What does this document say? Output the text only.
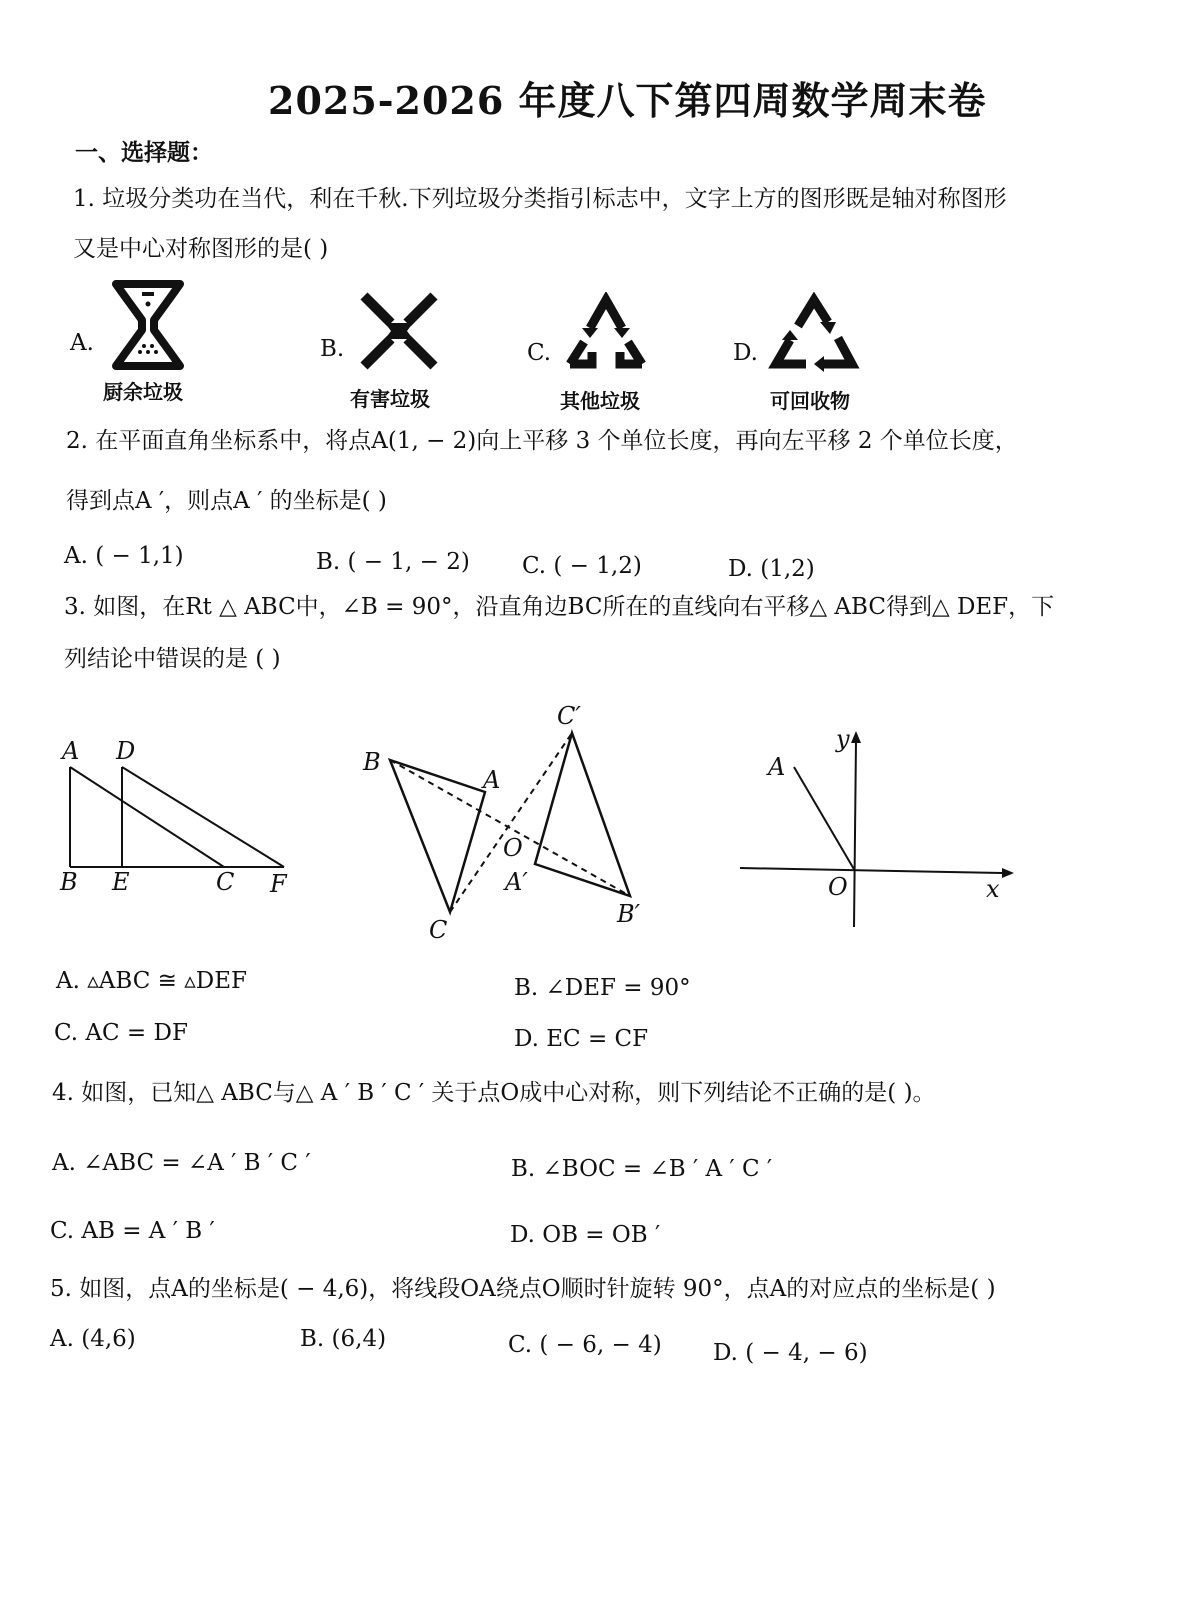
2025-2026 年度八下第四周数学周末卷
一、选择题：
1. 垃圾分类功在当代，利在千秋.下列垃圾分类指引标志中，文字上方的图形既是轴对称图形
又是中心对称图形的是( )
A.
厨余垃圾
B.
有害垃圾
C.
其他垃圾
D.
可回收物
2. 在平面直角坐标系中，将点A(1, − 2)向上平移 3 个单位长度，再向左平移 2 个单位长度，
得到点A ′，则点A ′ 的坐标是( )
A. ( − 1,1)	B. ( − 1, − 2) C. ( − 1,2)	D. (1,2)
3. 如图，在Rt △ ABC中，∠B = 90°，沿直角边BC所在的直线向右平移△ ABC得到△ DEF，下
列结论中错误的是 ( )
A D
B E	C F
B
A
C
O
C′
A′
B′
A
y
O	x
A. ▵ABC ≅ ▵DEF	B. ∠DEF = 90°
C. AC = DF	D. EC = CF
4. 如图，已知△ ABC与△ A ′ B ′ C ′ 关于点O成中心对称，则下列结论不正确的是( )。
A. ∠ABC = ∠A ′ B ′ C ′	B. ∠BOC = ∠B ′ A ′ C ′
C. AB = A ′ B ′	D. OB = OB ′
5. 如图，点A的坐标是( − 4,6)，将线段OA绕点O顺时针旋转 90°，点A的对应点的坐标是( )
A. (4,6)	B. (6,4)	C. ( − 6, − 4) D. ( − 4, − 6)
